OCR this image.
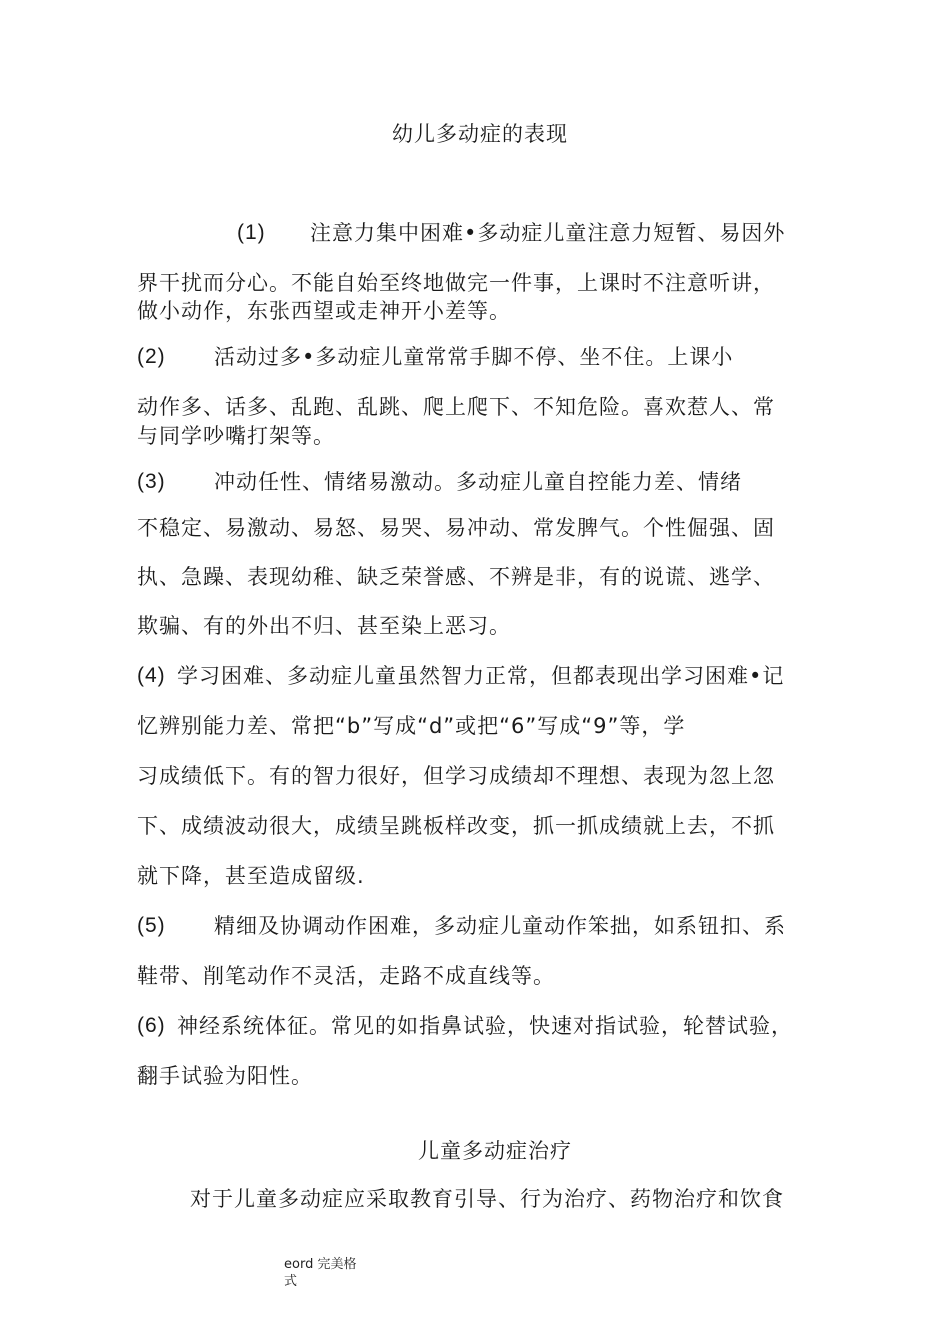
幼儿多动症的表现
(1) 注意力集中困难•多动症儿童注意力短暂、易因外
界干扰而分心。不能自始至终地做完一件事，上课时不注意听讲，
做小动作，东张西望或走神开小差等。
(2) 活动过多•多动症儿童常常手脚不停、坐不住。上课小
动作多、话多、乱跑、乱跳、爬上爬下、不知危险。喜欢惹人、常
与同学吵嘴打架等。
(3) 冲动任性、情绪易激动。多动症儿童自控能力差、情绪
不稳定、易激动、易怒、易哭、易冲动、常发脾气。个性倔强、固
执、急躁、表现幼稚、缺乏荣誉感、不辨是非，有的说谎、逃学、
欺骗、有的外出不归、甚至染上恶习。
(4) 学习困难、多动症儿童虽然智力正常，但都表现出学习困难•记
忆辨别能力差、常把“b”写成“d”或把“6”写成“9”等，学
习成绩低下。有的智力很好，但学习成绩却不理想、表现为忽上忽
下、成绩波动很大，成绩呈跳板样改变，抓一抓成绩就上去，不抓
就下降，甚至造成留级.
(5) 精细及协调动作困难，多动症儿童动作笨拙，如系钮扣、系
鞋带、削笔动作不灵活，走路不成直线等。
(6) 神经系统体征。常见的如指鼻试验，快速对指试验，轮替试验，
翻手试验为阳性。
儿童多动症治疗
对于儿童多动症应采取教育引导、行为治疗、药物治疗和饮食
eord 完美格
式
